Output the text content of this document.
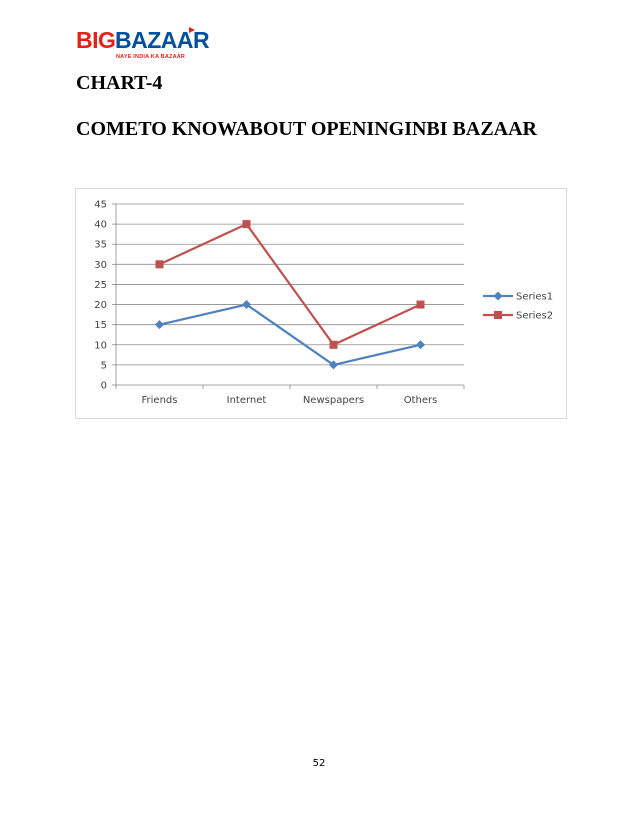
BIG BAZAAR
NAYE INDIA KA BAZAAR
CHART-4
COMETO KNOWABOUT OPENINGINBI BAZAAR
0
5
10
15
20
25
30
35
40
45
Friends	Internet	Newspapers	Others
Series1
Series2
52
